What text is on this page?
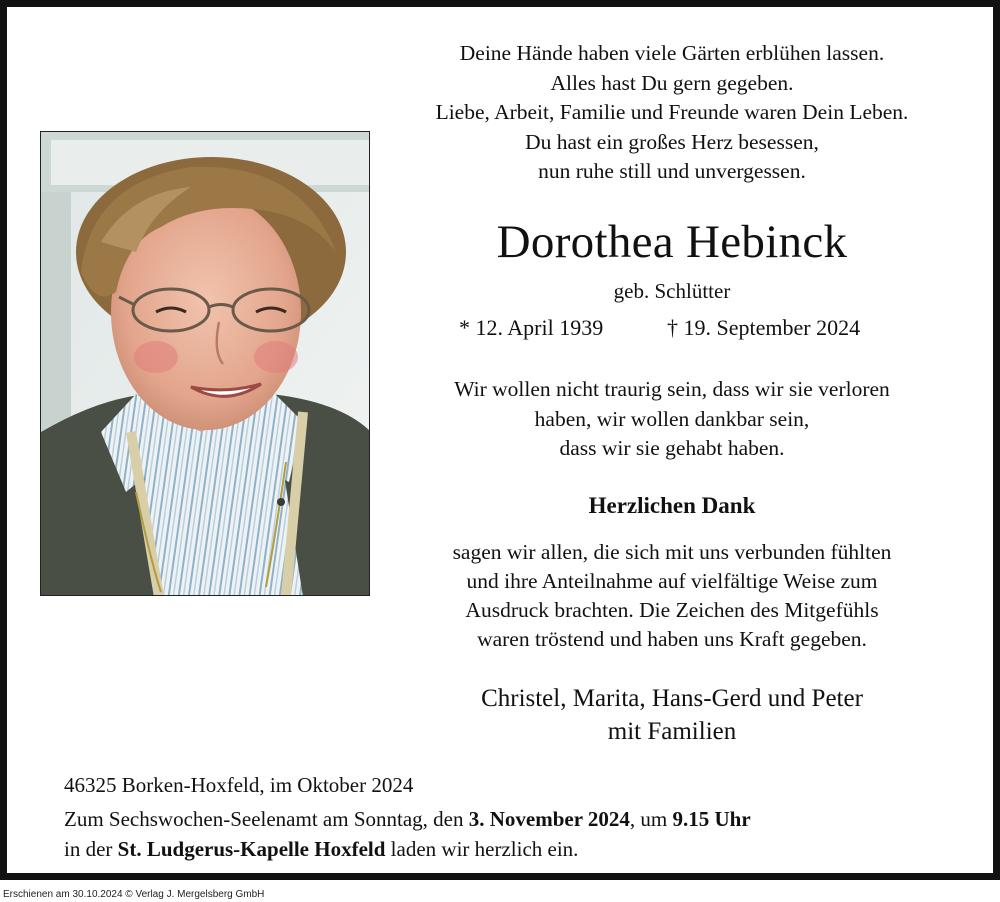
Deine Hände haben viele Gärten erblühen lassen.
Alles hast Du gern gegeben.
Liebe, Arbeit, Familie und Freunde waren Dein Leben.
Du hast ein großes Herz besessen,
nun ruhe still und unvergessen.
Dorothea Hebinck
geb. Schlütter
* 12. April 1939	† 19. September 2024
Wir wollen nicht traurig sein, dass wir sie verloren
haben, wir wollen dankbar sein,
dass wir sie gehabt haben.
Herzlichen Dank
sagen wir allen, die sich mit uns verbunden fühlten
und ihre Anteilnahme auf vielfältige Weise zum
Ausdruck brachten. Die Zeichen des Mitgefühls
waren tröstend und haben uns Kraft gegeben.
Christel, Marita, Hans-Gerd und Peter
mit Familien
46325 Borken-Hoxfeld, im Oktober 2024
Zum Sechswochen-Seelenamt am Sonntag, den 3. November 2024, um 9.15 Uhr
in der St. Ludgerus-Kapelle Hoxfeld laden wir herzlich ein.
Erschienen am 30.10.2024 © Verlag J. Mergelsberg GmbH
